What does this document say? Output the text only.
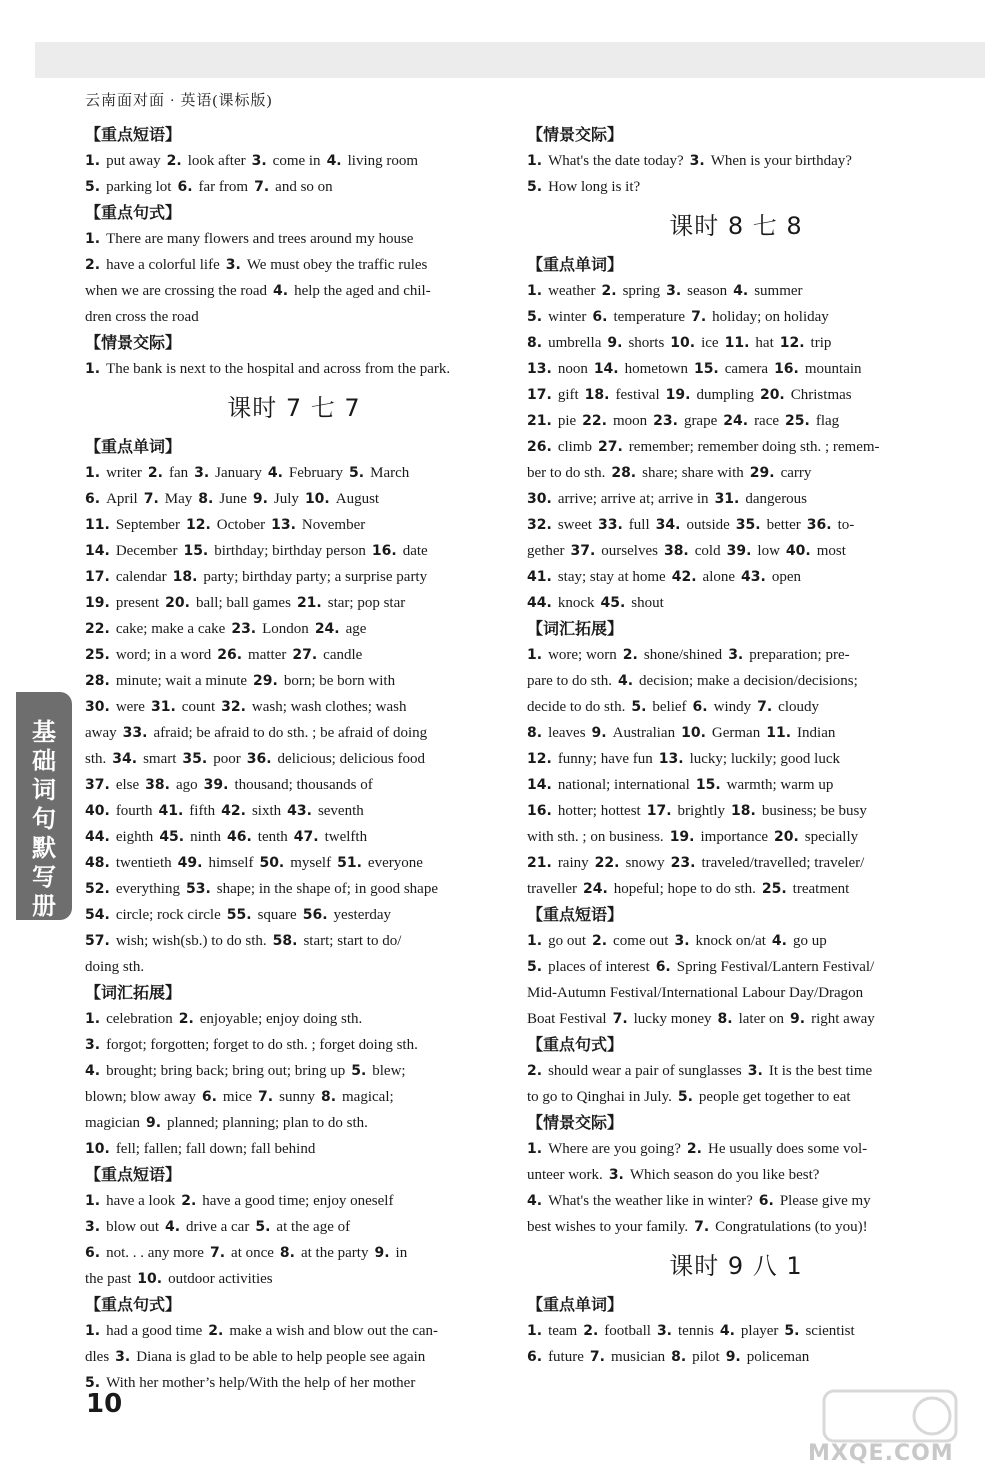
云南面对面 · 英语(课标版)
【重点短语】
1. put away 2. look after 3. come in 4. living room
5. parking lot 6. far from 7. and so on
【重点句式】
1. There are many flowers and trees around my house
2. have a colorful life 3. We must obey the traffic rules
when we are crossing the road 4. help the aged and chil-
dren cross the road
【情景交际】
1. The bank is next to the hospital and across from the park.
课时 7 七 7
【重点单词】
1. writer 2. fan 3. January 4. February 5. March
6. April 7. May 8. June 9. July 10. August
11. September 12. October 13. November
14. December 15. birthday; birthday person 16. date
17. calendar 18. party; birthday party; a surprise party
19. present 20. ball; ball games 21. star; pop star
22. cake; make a cake 23. London 24. age
25. word; in a word 26. matter 27. candle
28. minute; wait a minute 29. born; be born with
30. were 31. count 32. wash; wash clothes; wash
away 33. afraid; be afraid to do sth. ; be afraid of doing
sth. 34. smart 35. poor 36. delicious; delicious food
37. else 38. ago 39. thousand; thousands of
40. fourth 41. fifth 42. sixth 43. seventh
44. eighth 45. ninth 46. tenth 47. twelfth
48. twentieth 49. himself 50. myself 51. everyone
52. everything 53. shape; in the shape of; in good shape
54. circle; rock circle 55. square 56. yesterday
57. wish; wish(sb.) to do sth. 58. start; start to do/
doing sth.
【词汇拓展】
1. celebration 2. enjoyable; enjoy doing sth.
3. forgot; forgotten; forget to do sth. ; forget doing sth.
4. brought; bring back; bring out; bring up 5. blew;
blown; blow away 6. mice 7. sunny 8. magical;
magician 9. planned; planning; plan to do sth.
10. fell; fallen; fall down; fall behind
【重点短语】
1. have a look 2. have a good time; enjoy oneself
3. blow out 4. drive a car 5. at the age of
6. not. . . any more 7. at once 8. at the party 9. in
the past 10. outdoor activities
【重点句式】
1. had a good time 2. make a wish and blow out the can-
dles 3. Diana is glad to be able to help people see again
5. With her mother’s help/With the help of her mother
【情景交际】
1. What's the date today? 3. When is your birthday?
5. How long is it?
课时 8 七 8
【重点单词】
1. weather 2. spring 3. season 4. summer
5. winter 6. temperature 7. holiday; on holiday
8. umbrella 9. shorts 10. ice 11. hat 12. trip
13. noon 14. hometown 15. camera 16. mountain
17. gift 18. festival 19. dumpling 20. Christmas
21. pie 22. moon 23. grape 24. race 25. flag
26. climb 27. remember; remember doing sth. ; remem-
ber to do sth. 28. share; share with 29. carry
30. arrive; arrive at; arrive in 31. dangerous
32. sweet 33. full 34. outside 35. better 36. to-
gether 37. ourselves 38. cold 39. low 40. most
41. stay; stay at home 42. alone 43. open
44. knock 45. shout
【词汇拓展】
1. wore; worn 2. shone/shined 3. preparation; pre-
pare to do sth. 4. decision; make a decision/decisions;
decide to do sth. 5. belief 6. windy 7. cloudy
8. leaves 9. Australian 10. German 11. Indian
12. funny; have fun 13. lucky; luckily; good luck
14. national; international 15. warmth; warm up
16. hotter; hottest 17. brightly 18. business; be busy
with sth. ; on business. 19. importance 20. specially
21. rainy 22. snowy 23. traveled/travelled; traveler/
traveller 24. hopeful; hope to do sth. 25. treatment
【重点短语】
1. go out 2. come out 3. knock on/at 4. go up
5. places of interest 6. Spring Festival/Lantern Festival/
Mid-Autumn Festival/International Labour Day/Dragon
Boat Festival 7. lucky money 8. later on 9. right away
【重点句式】
2. should wear a pair of sunglasses 3. It is the best time
to go to Qinghai in July. 5. people get together to eat
【情景交际】
1. Where are you going? 2. He usually does some vol-
unteer work. 3. Which season do you like best?
4. What's the weather like in winter? 6. Please give my
best wishes to your family. 7. Congratulations (to you)!
课时 9 八 1
【重点单词】
1. team 2. football 3. tennis 4. player 5. scientist
6. future 7. musician 8. pilot 9. policeman
基础词句默写册
10
MXQE.COM
